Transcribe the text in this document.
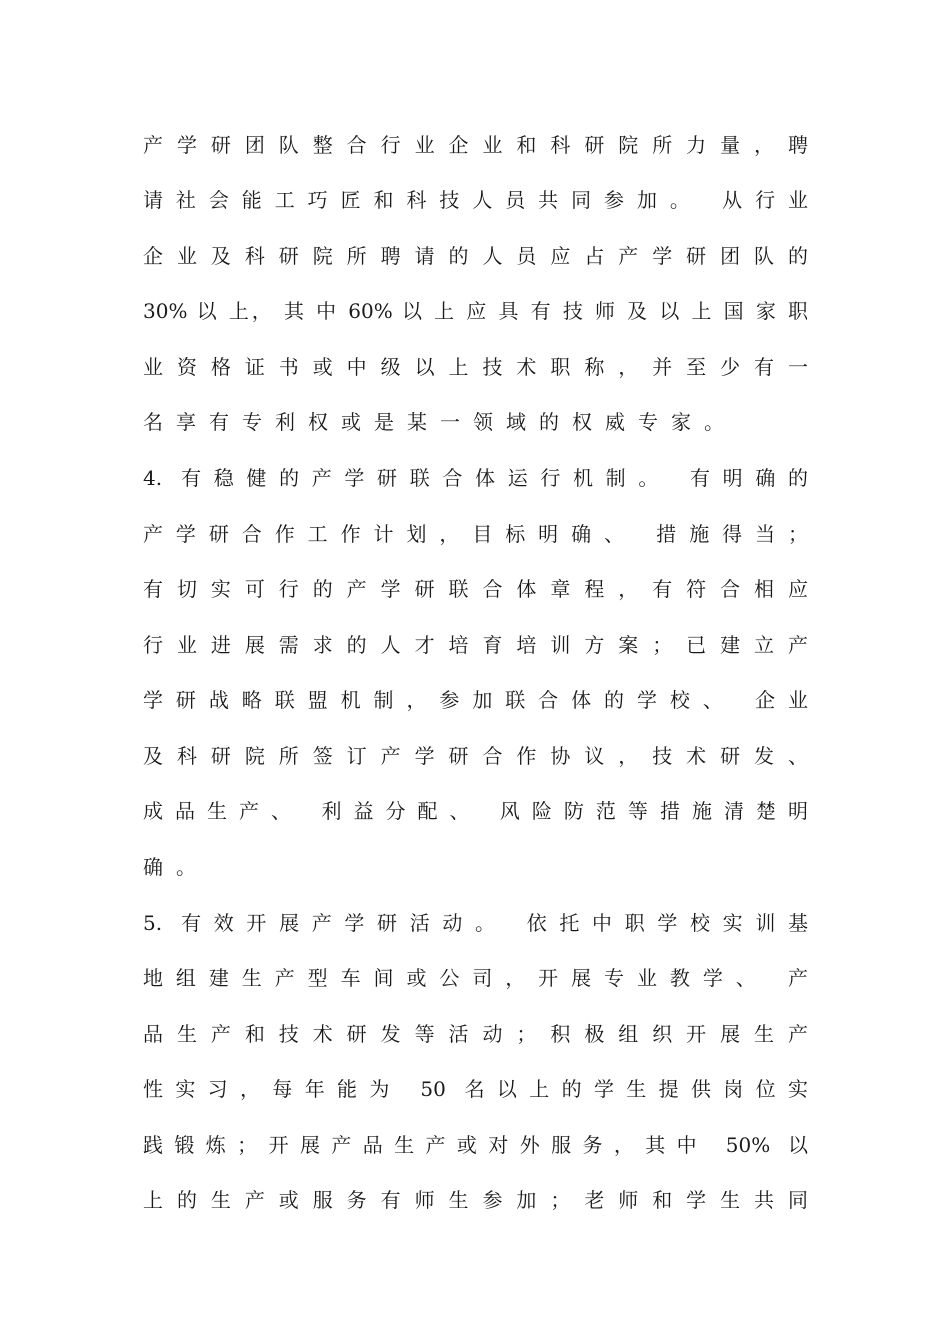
产学研团队整合行业企业和科研院所力量，聘
请社会能工巧匠和科技人员共同参加。 从行业
企业及科研院所聘请的人员应占产学研团队的
30% 以 上， 其 中 60% 以 上 应 具 有 技 师 及 以 上 国 家 职
业资格证书或中级以上技术职称，并至少有一
名享有专利权或是某一领域的权威专家。
4. 有稳健的产学研联合体运行机制。 有明确的
产学研合作工作计划，目标明确、 措施得当；
有切实可行的产学研联合体章程，有符合相应
行业进展需求的人才培育培训方案；已建立产
学研战略联盟机制，参加联合体的学校、 企业
及科研院所签订产学研合作协议，技术研发、
成品生产、 利益分配、 风险防范等措施清楚明
确。
5. 有效开展产学研活动。 依托中职学校实训基
地组建生产型车间或公司，开展专业教学、 产
品生产和技术研发等活动；积极组织开展生产
性实习，每年能为 50 名以上的学生提供岗位实
践锻炼；开展产品生产或对外服务，其中 50% 以
上的生产或服务有师生参加；老师和学生共同
